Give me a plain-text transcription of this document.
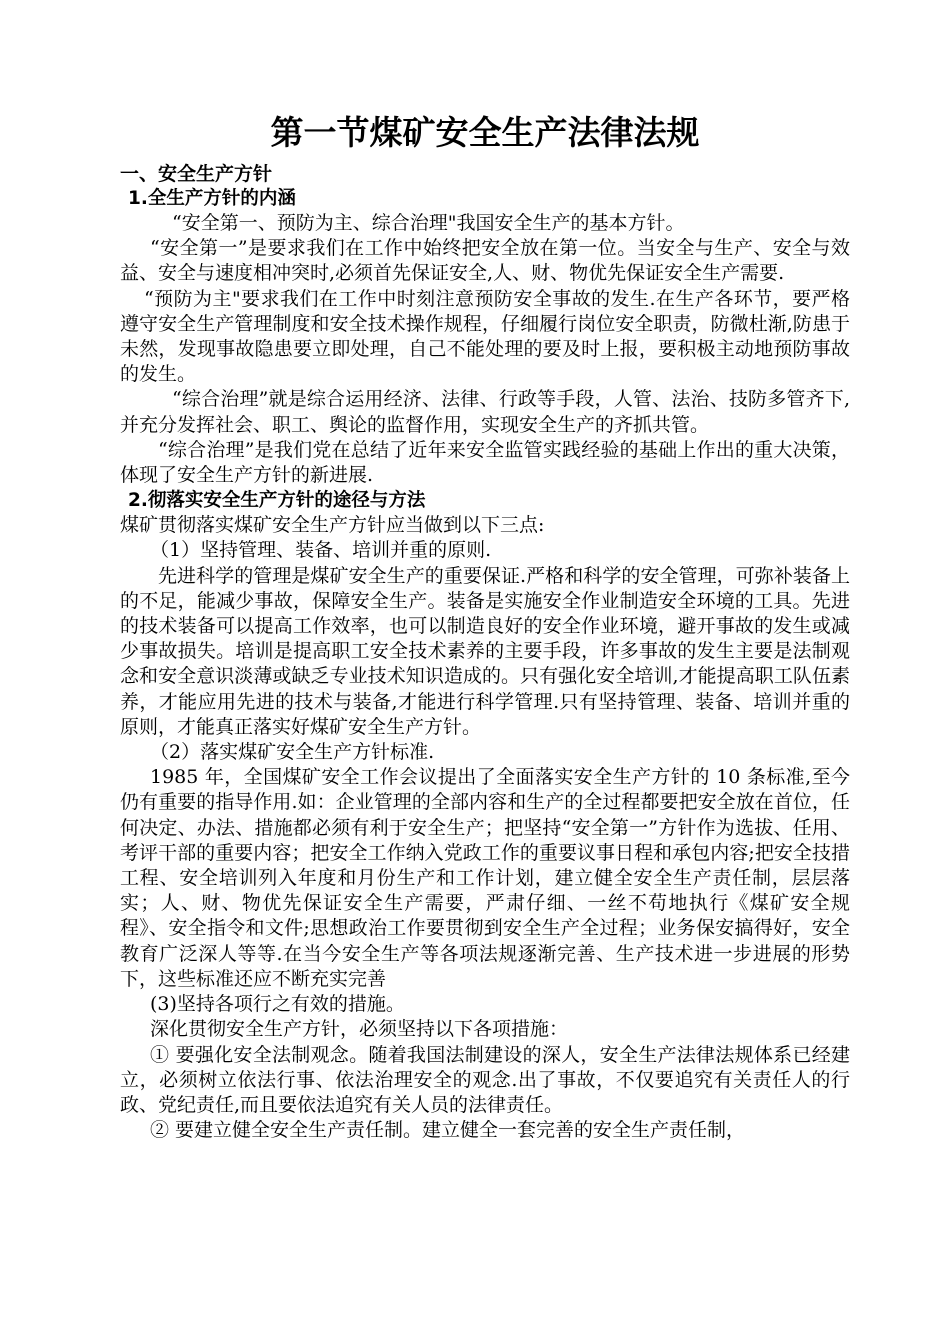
第一节煤矿安全生产法律法规
一、安全生产方针
1.全生产方针的内涵

“安全第一、预防为主、综合治理"我国安全生产的基本方针。

“安全第一”是要求我们在工作中始终把安全放在第一位。当安全与生产、安全与效益、安全与速度相冲突时,必须首先保证安全,人、财、物优先保证安全生产需要.

“预防为主"要求我们在工作中时刻注意预防安全事故的发生.在生产各环节，要严格遵守安全生产管理制度和安全技术操作规程，仔细履行岗位安全职责，防微杜渐,防患于未然，发现事故隐患要立即处理，自己不能处理的要及时上报，要积极主动地预防事故的发生。

“综合治理”就是综合运用经济、法律、行政等手段，人管、法治、技防多管齐下,并充分发挥社会、职工、舆论的监督作用，实现安全生产的齐抓共管。

“综合治理”是我们党在总结了近年来安全监管实践经验的基础上作出的重大决策，体现了安全生产方针的新进展.

2.彻落实安全生产方针的途径与方法

煤矿贯彻落实煤矿安全生产方针应当做到以下三点:

（1）坚持管理、装备、培训并重的原则.

先进科学的管理是煤矿安全生产的重要保证.严格和科学的安全管理，可弥补装备上的不足，能减少事故，保障安全生产。装备是实施安全作业制造安全环境的工具。先进的技术装备可以提高工作效率，也可以制造良好的安全作业环境，避开事故的发生或减少事故损失。培训是提高职工安全技术素养的主要手段，许多事故的发生主要是法制观念和安全意识淡薄或缺乏专业技术知识造成的。只有强化安全培训,才能提高职工队伍素养，才能应用先进的技术与装备,才能进行科学管理.只有坚持管理、装备、培训并重的原则，才能真正落实好煤矿安全生产方针。

（2）落实煤矿安全生产方针标准.

1985 年，全国煤矿安全工作会议提出了全面落实安全生产方针的 10 条标准,至今仍有重要的指导作用.如：企业管理的全部内容和生产的全过程都要把安全放在首位，任何决定、办法、措施都必须有利于安全生产；把坚持“安全第一”方针作为选拔、任用、考评干部的重要内容；把安全工作纳入党政工作的重要议事日程和承包内容;把安全技措工程、安全培训列入年度和月份生产和工作计划，建立健全安全生产责任制，层层落实；人、财、物优先保证安全生产需要，严肃仔细、一丝不苟地执行《煤矿安全规程》、安全指令和文件;思想政治工作要贯彻到安全生产全过程；业务保安搞得好，安全教育广泛深人等等.在当今安全生产等各项法规逐渐完善、生产技术进一步进展的形势下，这些标准还应不断充实完善

(3)坚持各项行之有效的措施。

深化贯彻安全生产方针，必须坚持以下各项措施：

① 要强化安全法制观念。随着我国法制建设的深人，安全生产法律法规体系已经建立，必须树立依法行事、依法治理安全的观念.出了事故，不仅要追究有关责任人的行政、党纪责任,而且要依法追究有关人员的法律责任。

② 要建立健全安全生产责任制。建立健全一套完善的安全生产责任制，
